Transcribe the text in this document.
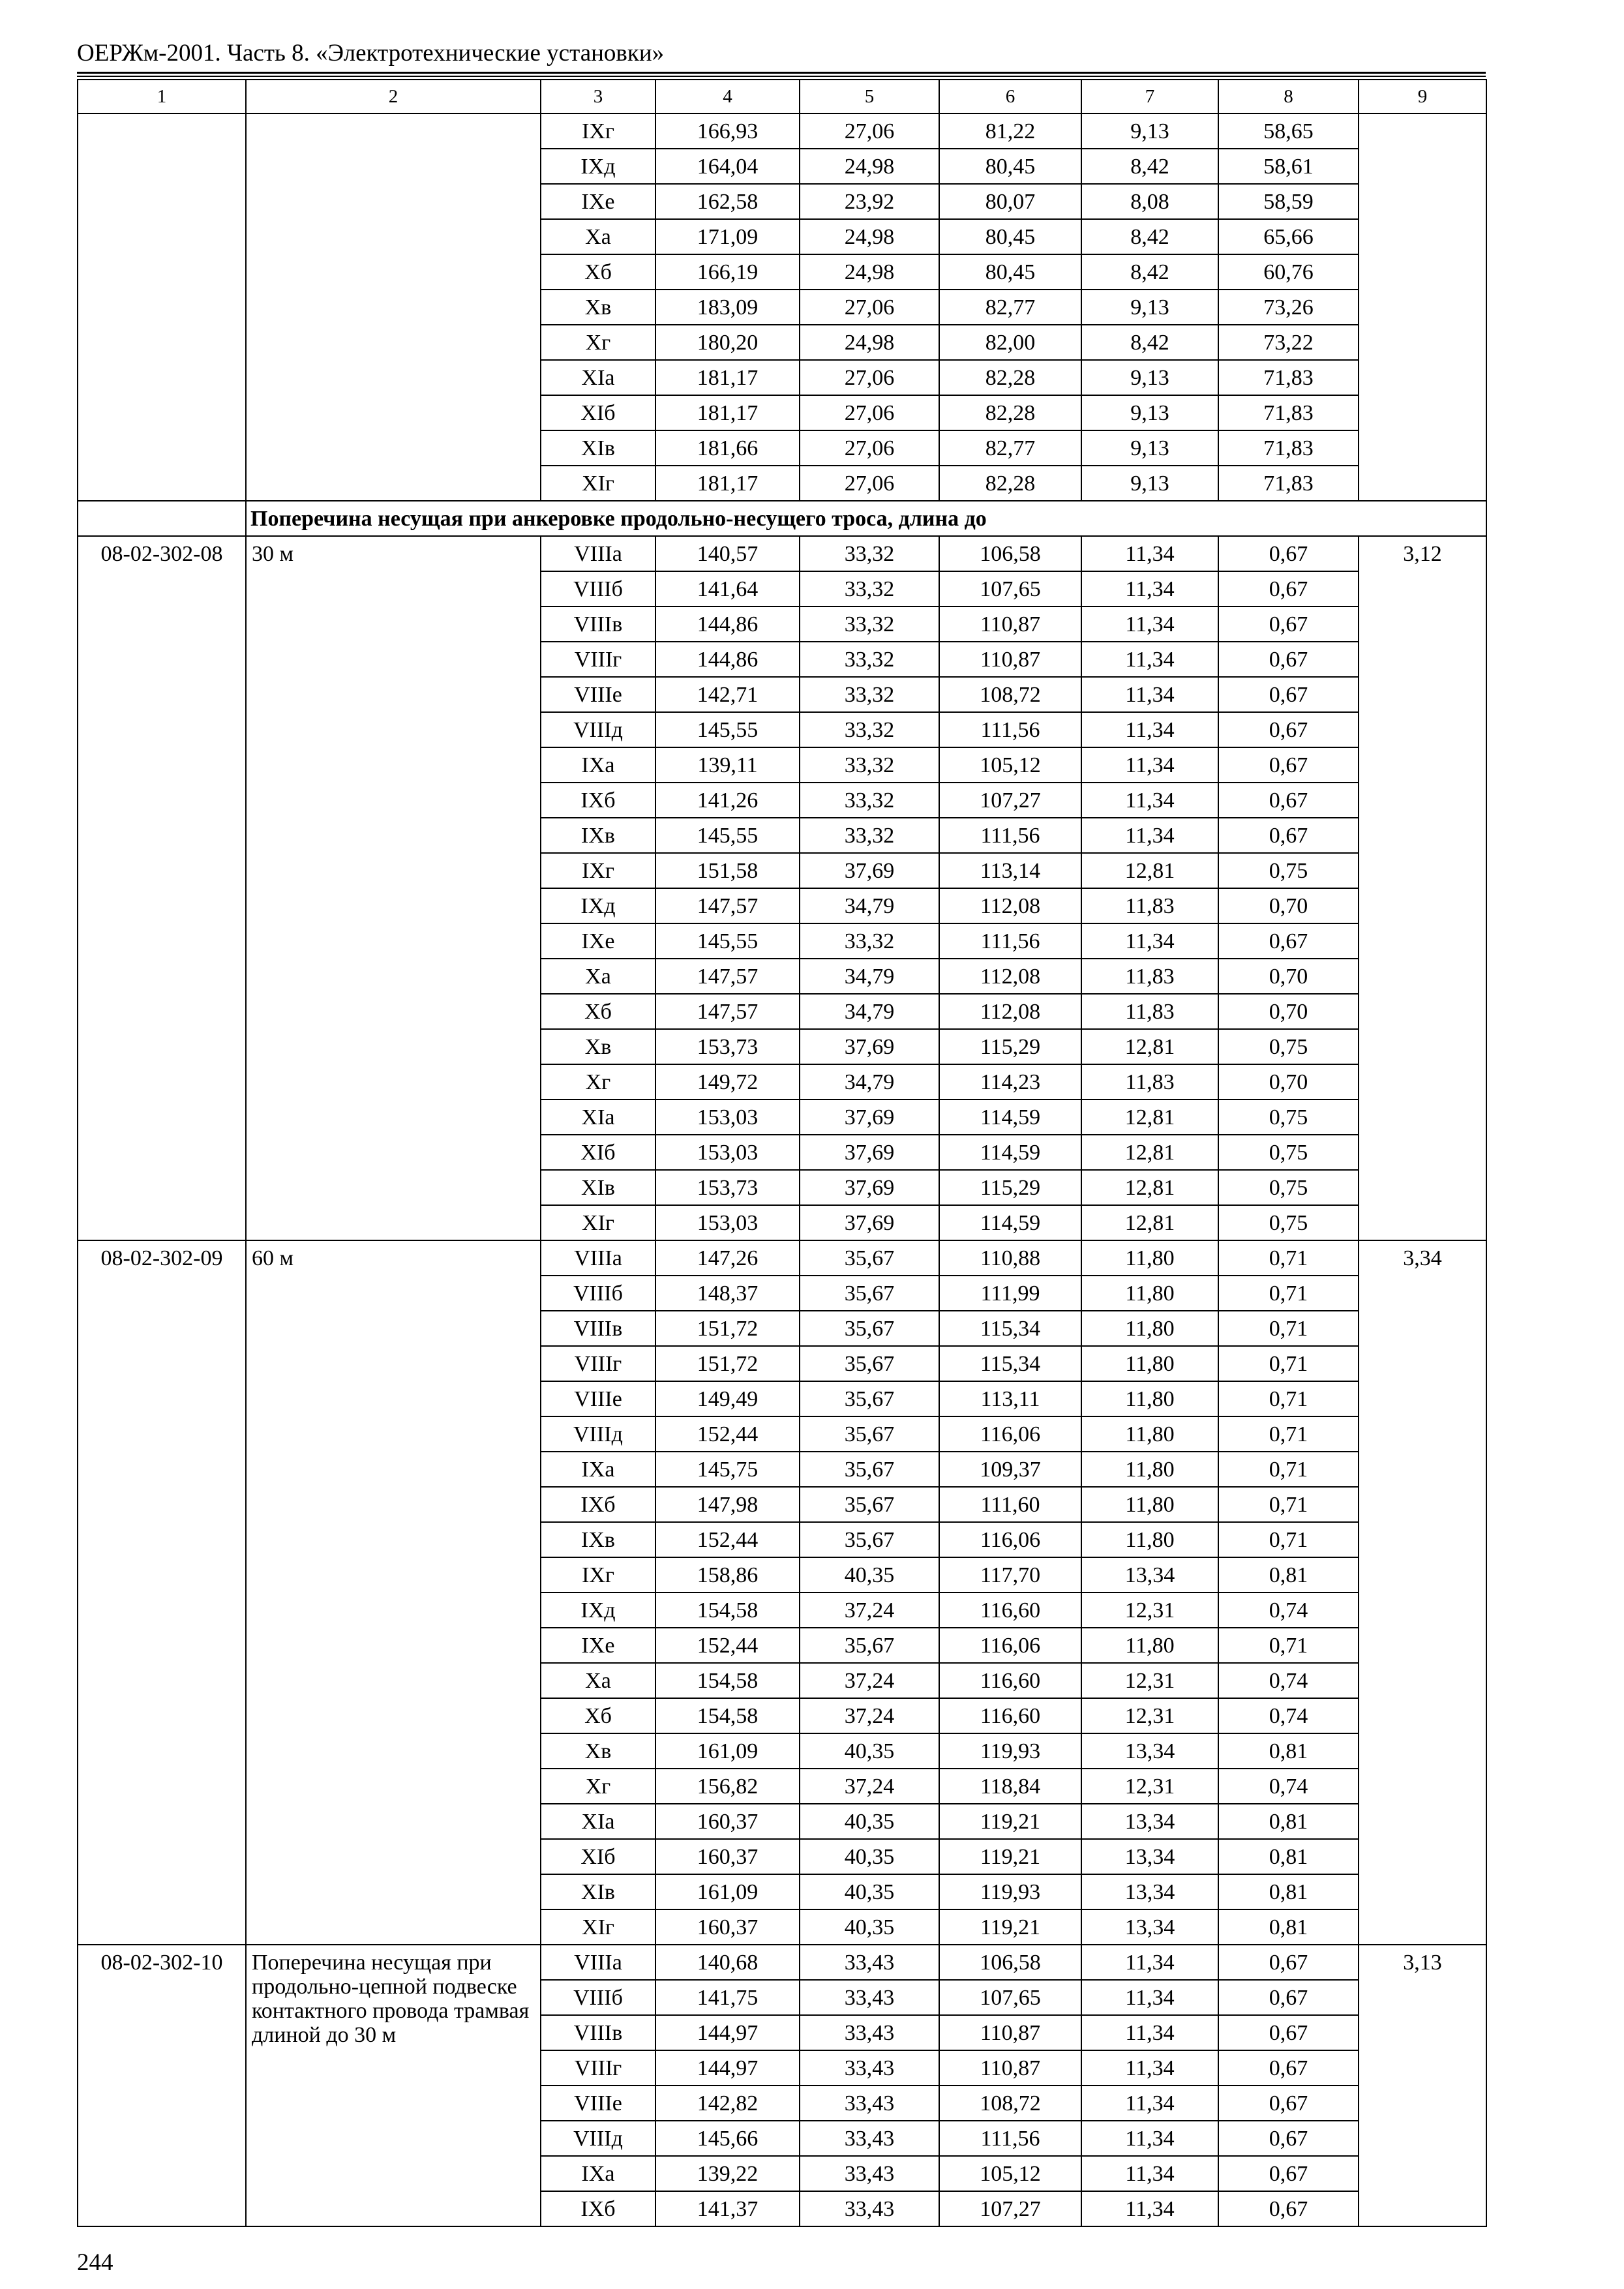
ОЕРЖм-2001. Часть 8. «Электротехнические установки»
1	2	3	4	5	6	7	8	9
		IXг	166,93	27,06	81,22	9,13	58,65	
		IXд	164,04	24,98	80,45	8,42	58,61	
		IXе	162,58	23,92	80,07	8,08	58,59	
		Xа	171,09	24,98	80,45	8,42	65,66	
		Xб	166,19	24,98	80,45	8,42	60,76	
		Xв	183,09	27,06	82,77	9,13	73,26	
		Xг	180,20	24,98	82,00	8,42	73,22	
		XIа	181,17	27,06	82,28	9,13	71,83	
		XIб	181,17	27,06	82,28	9,13	71,83	
		XIв	181,66	27,06	82,77	9,13	71,83	
		XIг	181,17	27,06	82,28	9,13	71,83	
	Поперечина несущая при анкеровке продольно-несущего троса, длина до							
08-02-302-08	30 м	VIIIа	140,57	33,32	106,58	11,34	0,67	3,12
		VIIIб	141,64	33,32	107,65	11,34	0,67	
		VIIIв	144,86	33,32	110,87	11,34	0,67	
		VIIIг	144,86	33,32	110,87	11,34	0,67	
		VIIIе	142,71	33,32	108,72	11,34	0,67	
		VIIIд	145,55	33,32	111,56	11,34	0,67	
		IXа	139,11	33,32	105,12	11,34	0,67	
		IXб	141,26	33,32	107,27	11,34	0,67	
		IXв	145,55	33,32	111,56	11,34	0,67	
		IXг	151,58	37,69	113,14	12,81	0,75	
		IXд	147,57	34,79	112,08	11,83	0,70	
		IXе	145,55	33,32	111,56	11,34	0,67	
		Xа	147,57	34,79	112,08	11,83	0,70	
		Xб	147,57	34,79	112,08	11,83	0,70	
		Xв	153,73	37,69	115,29	12,81	0,75	
		Xг	149,72	34,79	114,23	11,83	0,70	
		XIа	153,03	37,69	114,59	12,81	0,75	
		XIб	153,03	37,69	114,59	12,81	0,75	
		XIв	153,73	37,69	115,29	12,81	0,75	
		XIг	153,03	37,69	114,59	12,81	0,75	
08-02-302-09	60 м	VIIIа	147,26	35,67	110,88	11,80	0,71	3,34
		VIIIб	148,37	35,67	111,99	11,80	0,71	
		VIIIв	151,72	35,67	115,34	11,80	0,71	
		VIIIг	151,72	35,67	115,34	11,80	0,71	
		VIIIе	149,49	35,67	113,11	11,80	0,71	
		VIIIд	152,44	35,67	116,06	11,80	0,71	
		IXа	145,75	35,67	109,37	11,80	0,71	
		IXб	147,98	35,67	111,60	11,80	0,71	
		IXв	152,44	35,67	116,06	11,80	0,71	
		IXг	158,86	40,35	117,70	13,34	0,81	
		IXд	154,58	37,24	116,60	12,31	0,74	
		IXе	152,44	35,67	116,06	11,80	0,71	
		Xа	154,58	37,24	116,60	12,31	0,74	
		Xб	154,58	37,24	116,60	12,31	0,74	
		Xв	161,09	40,35	119,93	13,34	0,81	
		Xг	156,82	37,24	118,84	12,31	0,74	
		XIа	160,37	40,35	119,21	13,34	0,81	
		XIб	160,37	40,35	119,21	13,34	0,81	
		XIв	161,09	40,35	119,93	13,34	0,81	
		XIг	160,37	40,35	119,21	13,34	0,81	
08-02-302-10	Поперечина несущая при продольно-цепной подвеске контактного провода трамвая длиной до 30 м	VIIIа	140,68	33,43	106,58	11,34	0,67	3,13
		VIIIб	141,75	33,43	107,65	11,34	0,67	
		VIIIв	144,97	33,43	110,87	11,34	0,67	
		VIIIг	144,97	33,43	110,87	11,34	0,67	
		VIIIе	142,82	33,43	108,72	11,34	0,67	
		VIIIд	145,66	33,43	111,56	11,34	0,67	
		IXа	139,22	33,43	105,12	11,34	0,67	
		IXб	141,37	33,43	107,27	11,34	0,67	
244
